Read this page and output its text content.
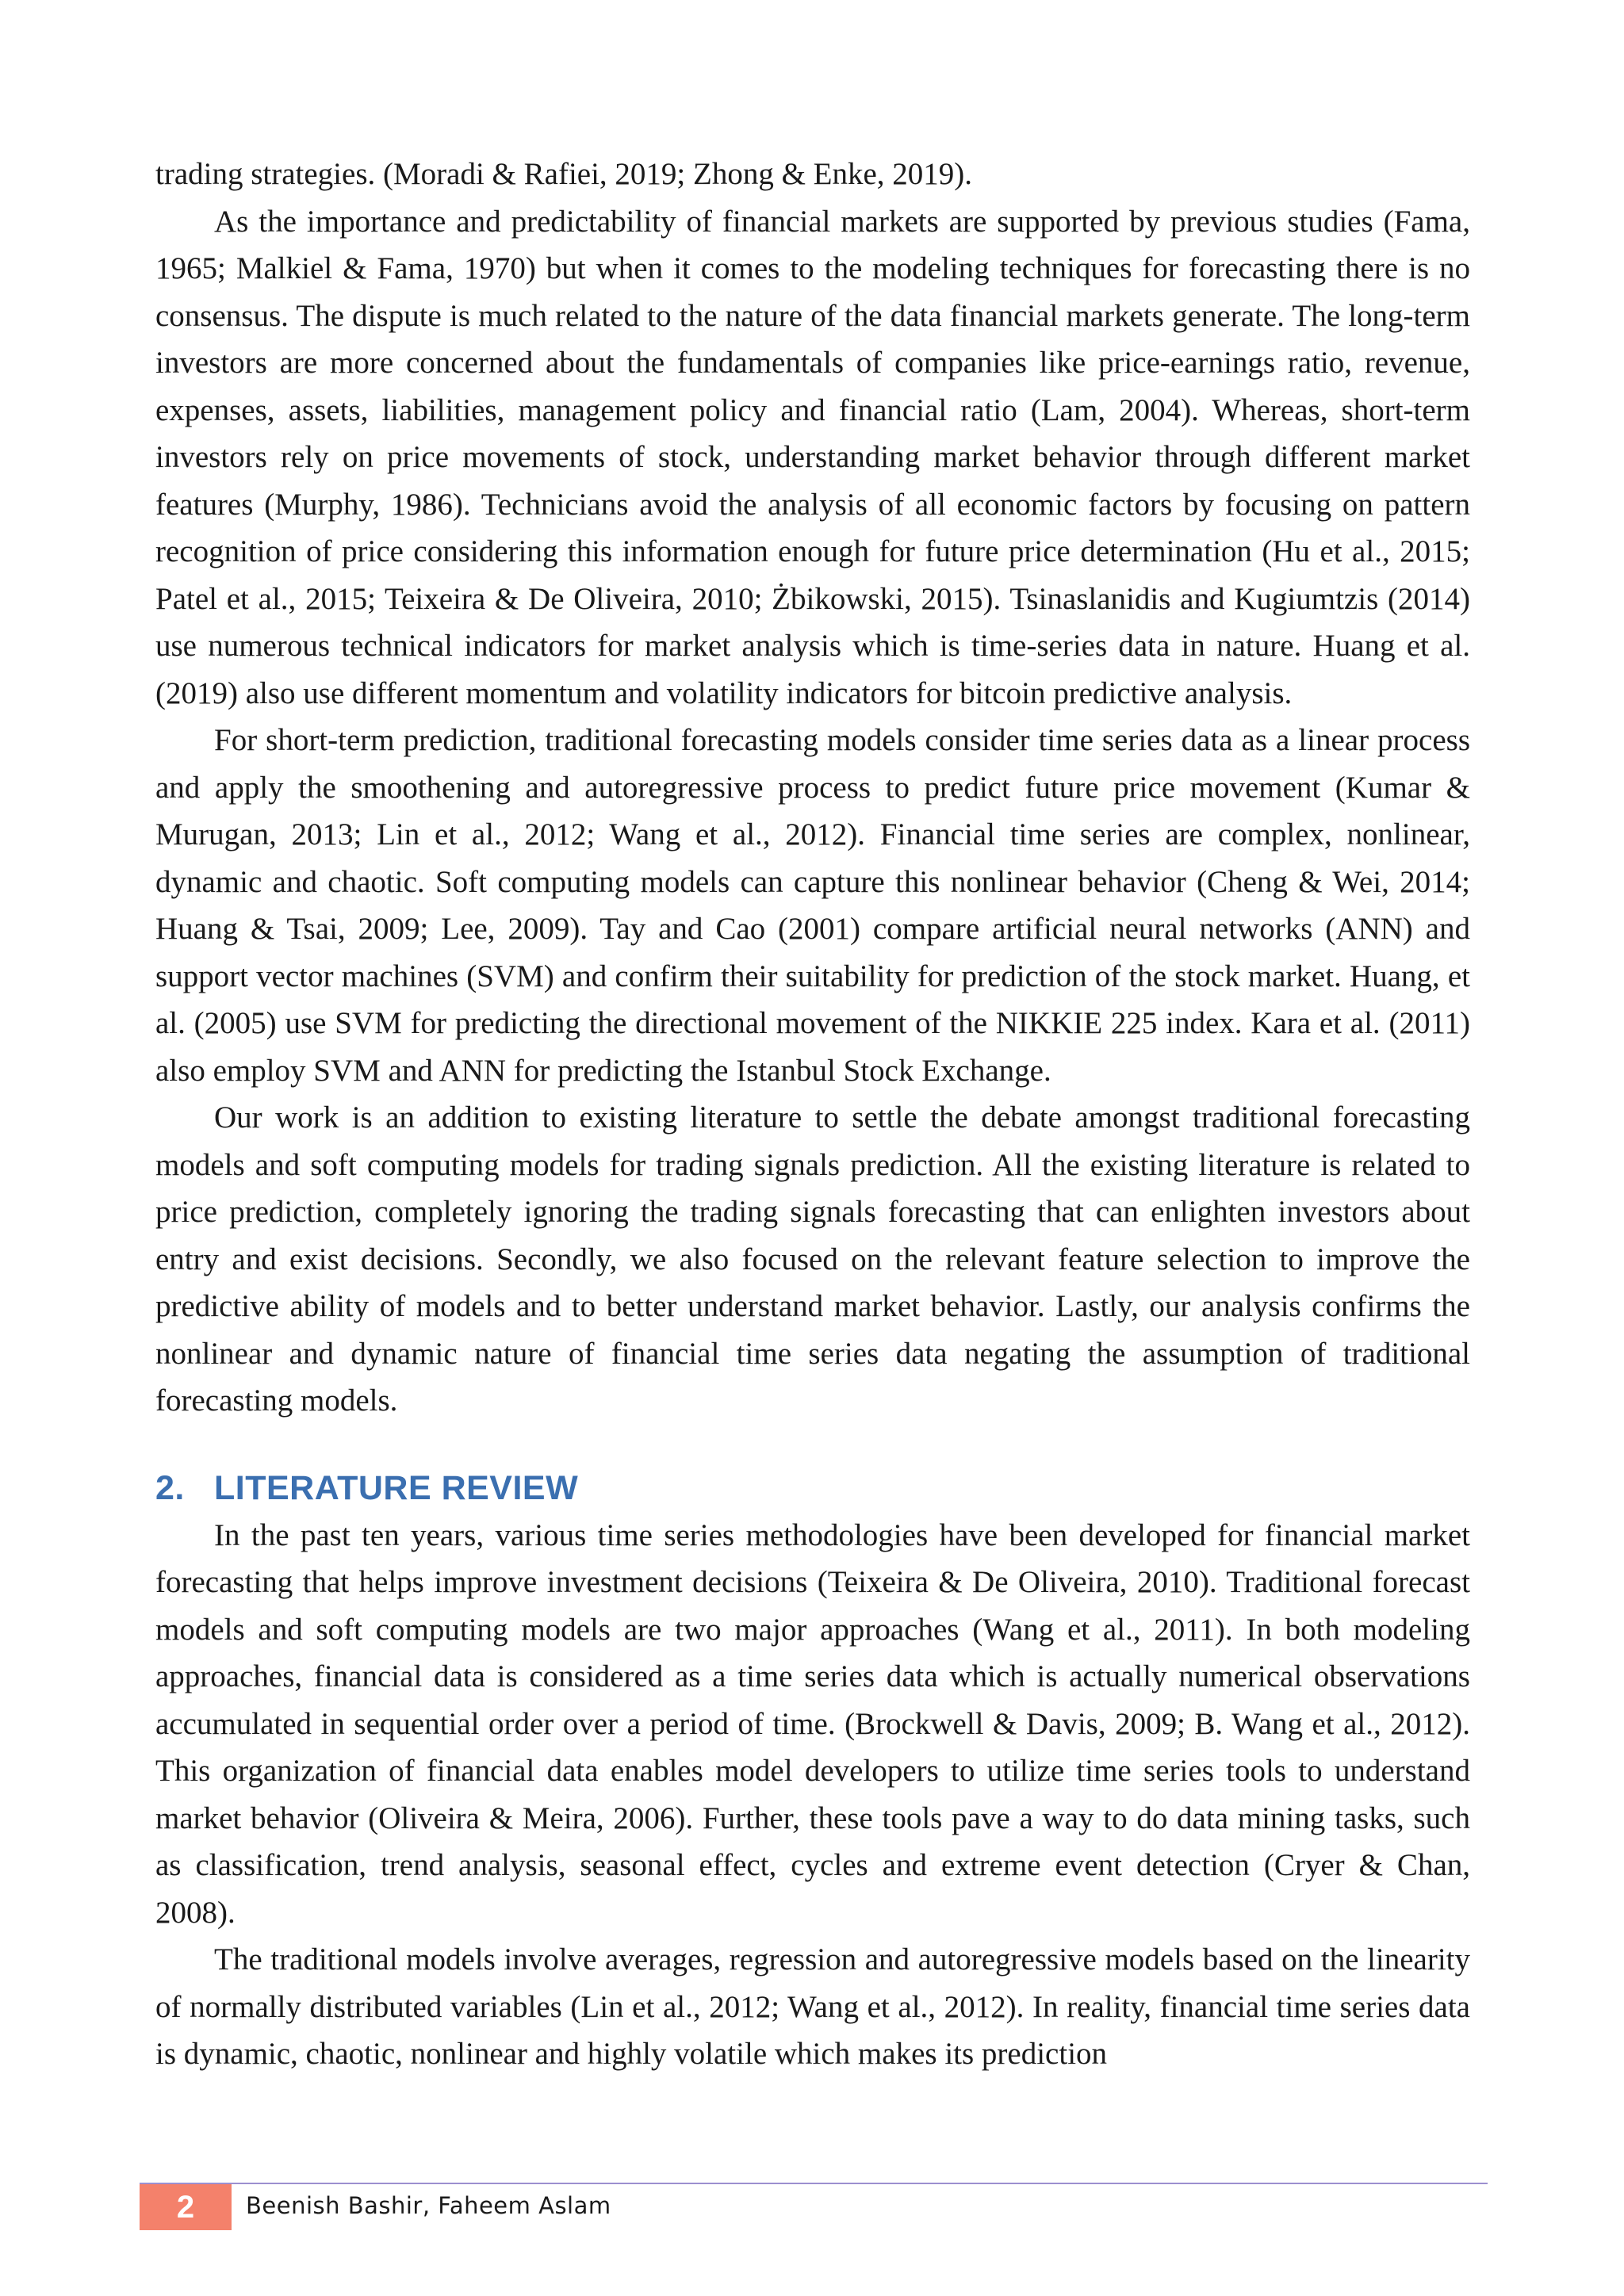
trading strategies. (Moradi & Rafiei, 2019; Zhong & Enke, 2019).

As the importance and predictability of financial markets are supported by previous studies (Fama, 1965; Malkiel & Fama, 1970) but when it comes to the modeling techniques for forecasting there is no consensus. The dispute is much related to the nature of the data financial markets generate. The long-term investors are more concerned about the fundamentals of companies like price-earnings ratio, revenue, expenses, assets, liabilities, management policy and financial ratio (Lam, 2004). Whereas, short-term investors rely on price movements of stock, understanding market behavior through different market features (Murphy, 1986). Technicians avoid the analysis of all economic factors by focusing on pattern recognition of price considering this information enough for future price determination (Hu et al., 2015; Patel et al., 2015; Teixeira & De Oliveira, 2010; Żbikowski, 2015). Tsinaslanidis and Kugiumtzis (2014) use numerous technical indicators for market analysis which is time-series data in nature. Huang et al. (2019) also use different momentum and volatility indicators for bitcoin predictive analysis.

For short-term prediction, traditional forecasting models consider time series data as a linear process and apply the smoothening and autoregressive process to predict future price movement (Kumar & Murugan, 2013; Lin et al., 2012; Wang et al., 2012). Financial time series are complex, nonlinear, dynamic and chaotic. Soft computing models can capture this nonlinear behavior (Cheng & Wei, 2014; Huang & Tsai, 2009; Lee, 2009). Tay and Cao (2001) compare artificial neural networks (ANN) and support vector machines (SVM) and confirm their suitability for prediction of the stock market. Huang, et al. (2005) use SVM for predicting the directional movement of the NIKKIE 225 index. Kara et al. (2011) also employ SVM and ANN for predicting the Istanbul Stock Exchange.

Our work is an addition to existing literature to settle the debate amongst traditional forecasting models and soft computing models for trading signals prediction. All the existing literature is related to price prediction, completely ignoring the trading signals forecasting that can enlighten investors about entry and exist decisions. Secondly, we also focused on the relevant feature selection to improve the predictive ability of models and to better understand market behavior. Lastly, our analysis confirms the nonlinear and dynamic nature of financial time series data negating the assumption of traditional forecasting models.

2. LITERATURE REVIEW

In the past ten years, various time series methodologies have been developed for financial market forecasting that helps improve investment decisions (Teixeira & De Oliveira, 2010). Traditional forecast models and soft computing models are two major approaches (Wang et al., 2011). In both modeling approaches, financial data is considered as a time series data which is actually numerical observations accumulated in sequential order over a period of time. (Brockwell & Davis, 2009; B. Wang et al., 2012). This organization of financial data enables model developers to utilize time series tools to understand market behavior (Oliveira & Meira, 2006). Further, these tools pave a way to do data mining tasks, such as classification, trend analysis, seasonal effect, cycles and extreme event detection (Cryer & Chan, 2008).

The traditional models involve averages, regression and autoregressive models based on the linearity of normally distributed variables (Lin et al., 2012; Wang et al., 2012). In reality, financial time series data is dynamic, chaotic, nonlinear and highly volatile which makes its prediction

2	Beenish Bashir, Faheem Aslam
